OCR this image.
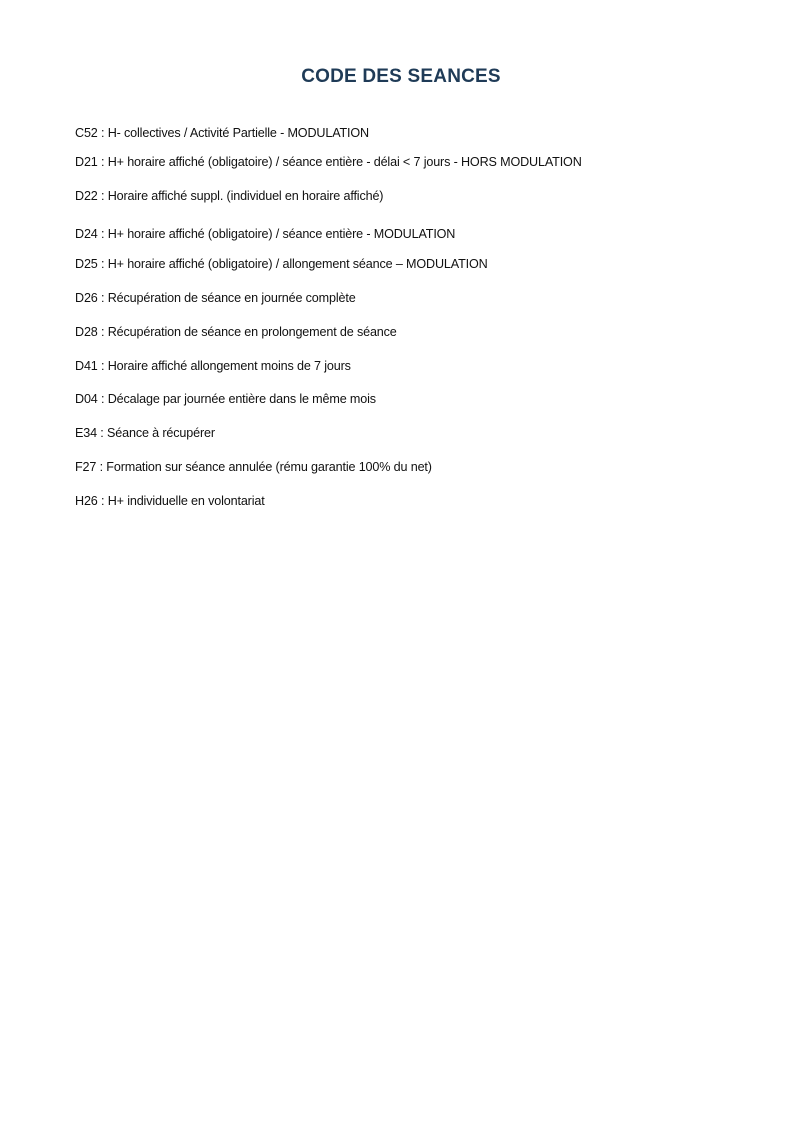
CODE DES SEANCES
C52 : H- collectives / Activité Partielle - MODULATION
D21 : H+ horaire affiché (obligatoire) / séance entière - délai < 7 jours - HORS MODULATION
D22 : Horaire affiché suppl. (individuel en horaire affiché)
D24 : H+ horaire affiché (obligatoire) / séance entière - MODULATION
D25 : H+ horaire affiché (obligatoire) / allongement séance – MODULATION
D26 : Récupération de séance en journée complète
D28 : Récupération de séance en prolongement de séance
D41 : Horaire affiché allongement moins de 7 jours
D04 : Décalage par journée entière dans le même mois
E34 : Séance à récupérer
F27 : Formation sur séance annulée (rému garantie 100% du net)
H26 : H+ individuelle en volontariat
